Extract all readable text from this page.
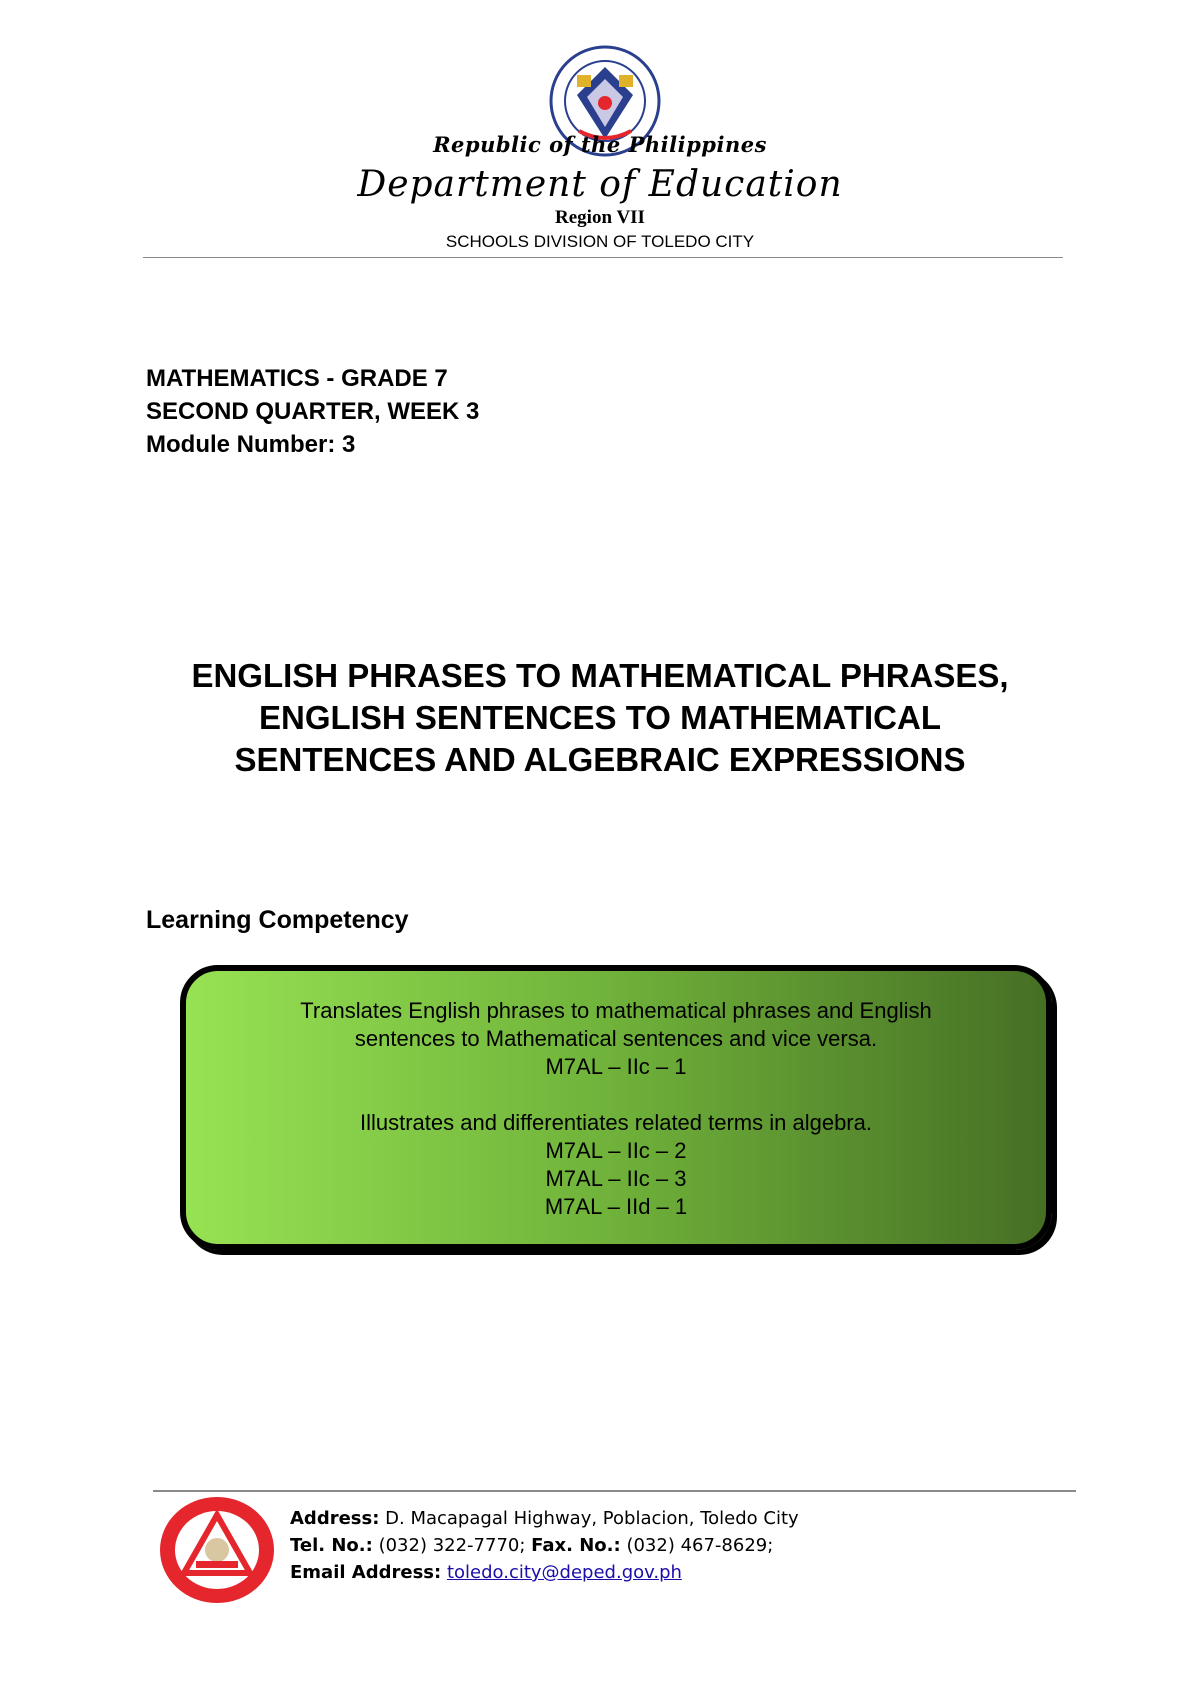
Republic of the Philippines
Department of Education
Region VII
SCHOOLS DIVISION OF TOLEDO CITY
MATHEMATICS - GRADE 7
SECOND QUARTER, WEEK 3
Module Number: 3
ENGLISH PHRASES TO MATHEMATICAL PHRASES,
ENGLISH SENTENCES TO MATHEMATICAL
SENTENCES AND ALGEBRAIC EXPRESSIONS
Learning Competency
Translates English phrases to mathematical phrases and English
sentences to Mathematical sentences and vice versa.
M7AL – IIc – 1
Illustrates and differentiates related terms in algebra.
M7AL – IIc – 2
M7AL – IIc – 3
M7AL – IId – 1
Address: D. Macapagal Highway, Poblacion, Toledo City
Tel. No.: (032) 322-7770; Fax. No.: (032) 467-8629;
Email Address: toledo.city@deped.gov.ph
